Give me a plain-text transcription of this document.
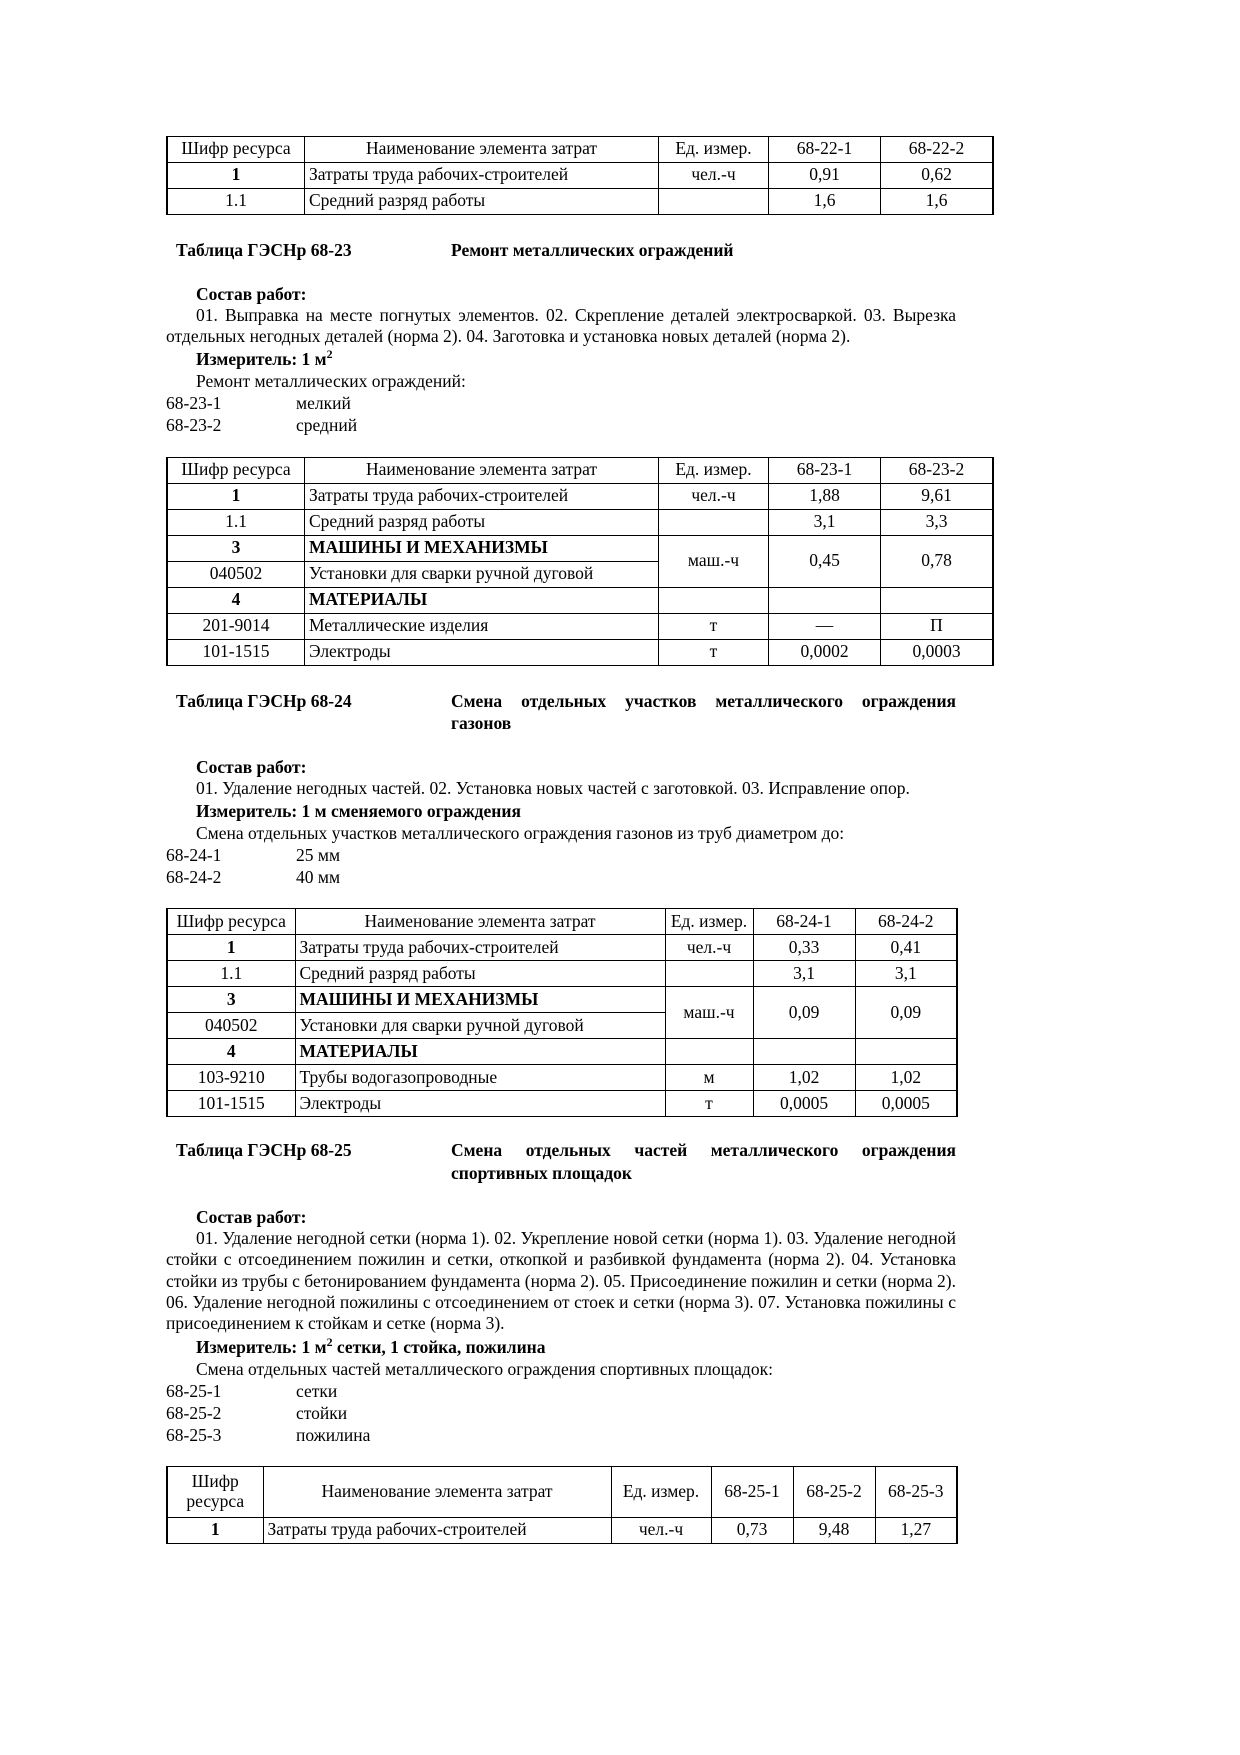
Шифр ресурса	Наименование элемента затрат	Ед. измер.	68-22-1	68-22-2
1	Затраты труда рабочих-строителей	чел.-ч	0,91	0,62
1.1	Средний разряд работы		1,6	1,6
Таблица ГЭСНр 68-23	Ремонт металлических ограждений
Состав работ:

01. Выправка на месте погнутых элементов. 02. Скрепление деталей электросваркой. 03. Вырезка отдельных негодных деталей (норма 2). 04. Заготовка и установка новых деталей (норма 2).

Измеритель: 1 $м^2$
Ремонт металлических ограждений:
68-23-1	мелкий
68-23-2	средний
Шифр ресурса	Наименование элемента затрат	Ед. измер.	68-23-1	68-23-2
1	Затраты труда рабочих-строителей	чел.-ч	1,88	9,61
1.1	Средний разряд работы		3,1	3,3
3	МАШИНЫ И МЕХАНИЗМЫ	маш.-ч	0,45	0,78
040502	Установки для сварки ручной дуговой			
4	МАТЕРИАЛЫ			
201-9014	Металлические изделия	т	—	П
101-1515	Электроды	т	0,0002	0,0003
Таблица ГЭСНр 68-24	Смена отдельных участков металлического ограждения
газонов
Состав работ:

01. Удаление негодных частей. 02. Установка новых частей с заготовкой. 03. Исправление опор.

Измеритель: 1 м сменяемого ограждения
Смена отдельных участков металлического ограждения газонов из труб диаметром до:
68-24-1	25 мм
68-24-2	40 мм
Шифр ресурса	Наименование элемента затрат	Ед. измер.	68-24-1	68-24-2
1	Затраты труда рабочих-строителей	чел.-ч	0,33	0,41
1.1	Средний разряд работы		3,1	3,1
3	МАШИНЫ И МЕХАНИЗМЫ	маш.-ч	0,09	0,09
040502	Установки для сварки ручной дуговой			
4	МАТЕРИАЛЫ			
103-9210	Трубы водогазопроводные	м	1,02	1,02
101-1515	Электроды	т	0,0005	0,0005
Таблица ГЭСНр 68-25	Смена отдельных частей металлического ограждения
спортивных площадок
Состав работ:

01. Удаление негодной сетки (норма 1). 02. Укрепление новой сетки (норма 1). 03. Удаление негодной стойки с отсоединением пожилин и сетки, откопкой и разбивкой фундамента (норма 2). 04. Установка стойки из трубы с бетонированием фундамента (норма 2). 05. Присоединение пожилин и сетки (норма 2). 06. Удаление негодной пожилины с отсоединением от стоек и сетки (норма 3). 07. Установка пожилины с присоединением к стойкам и сетке (норма 3).

Измеритель: 1 $м^2$ сетки, 1 стойка, пожилина
Смена отдельных частей металлического ограждения спортивных площадок:
68-25-1	сетки
68-25-2	стойки
68-25-3	пожилина
Шифр
ресурса	Наименование элемента затрат	Ед. измер.	68-25-1	68-25-2	68-25-3
1	Затраты труда рабочих-строителей	чел.-ч	0,73	9,48	1,27
